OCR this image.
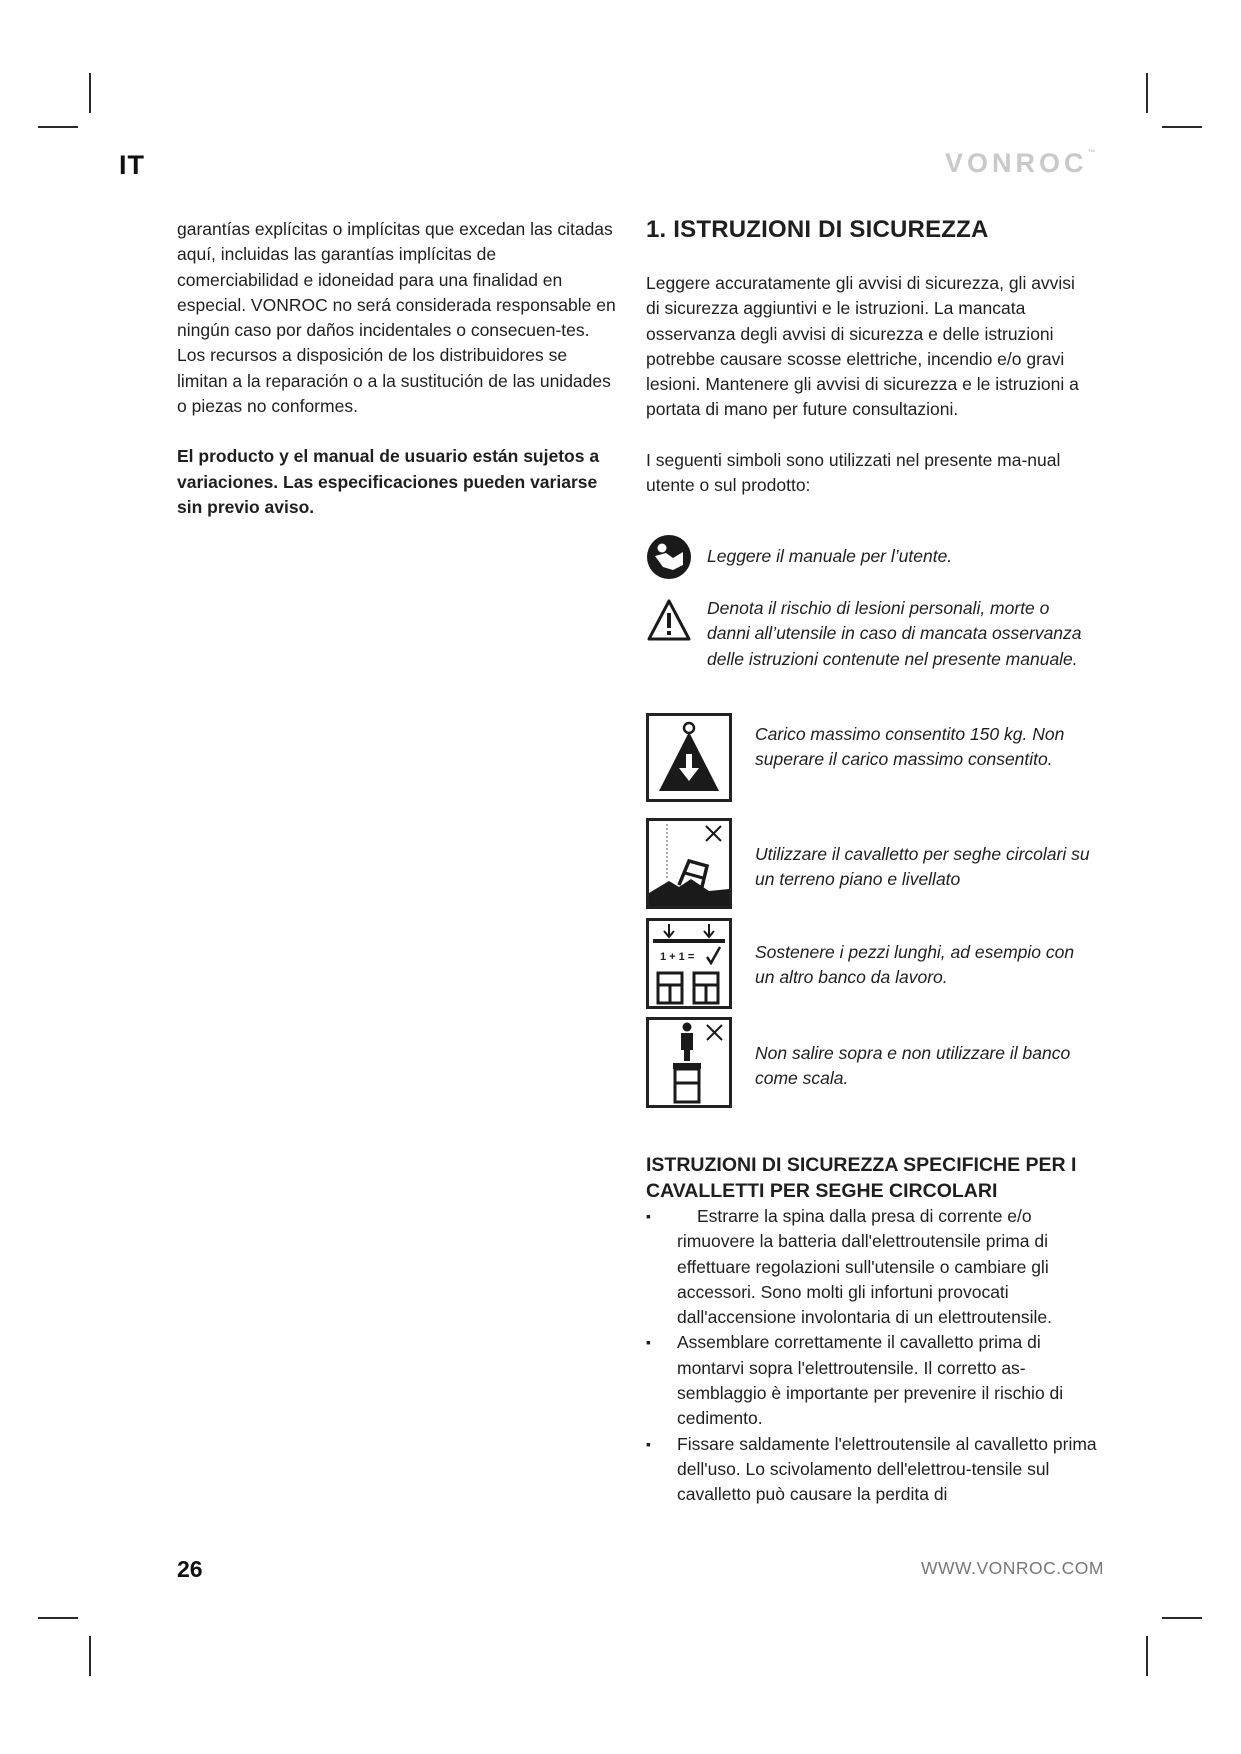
IT	VONROC™

garantías explícitas o implícitas que excedan las citadas aquí, incluidas las garantías implícitas de comerciabilidad e idoneidad para una finalidad en especial. VONROC no será considerada responsable en ningún caso por daños incidentales o consecuen-tes. Los recursos a disposición de los distribuidores se limitan a la reparación o a la sustitución de las unidades o piezas no conformes.

El producto y el manual de usuario están sujetos a variaciones. Las especificaciones pueden variarse sin previo aviso.

1. ISTRUZIONI DI SICUREZZA

Leggere accuratamente gli avvisi di sicurezza, gli avvisi di sicurezza aggiuntivi e le istruzioni. La mancata osservanza degli avvisi di sicurezza e delle istruzioni potrebbe causare scosse elettriche, incendio e/o gravi lesioni. Mantenere gli avvisi di sicurezza e le istruzioni a portata di mano per future consultazioni.

I seguenti simboli sono utilizzati nel presente ma-nual utente o sul prodotto:

Leggere il manuale per l’utente.
Denota il rischio di lesioni personali, morte o danni all’utensile in caso di mancata osservanza delle istruzioni contenute nel presente manuale.
Carico massimo consentito 150 kg. Non superare il carico massimo consentito.
Utilizzare il cavalletto per seghe circolari su un terreno piano e livellato
1 + 1 =	Sostenere i pezzi lunghi, ad esempio con un altro banco da lavoro.
Non salire sopra e non utilizzare il banco come scala.
ISTRUZIONI DI SICUREZZA SPECIFICHE PER I CAVALLETTI PER SEGHE CIRCOLARI
▪	Estrarre la spina dalla presa di corrente e/o rimuovere la batteria dall'elettroutensile prima di effettuare regolazioni sull'utensile o cambiare gli accessori. Sono molti gli infortuni provocati dall'accensione involontaria di un elettroutensile.
▪ Assemblare correttamente il cavalletto prima di montarvi sopra l'elettroutensile. Il corretto as-semblaggio è importante per prevenire il rischio di cedimento.
▪ Fissare saldamente l'elettroutensile al cavalletto prima dell'uso. Lo scivolamento dell'elettrou-tensile sul cavalletto può causare la perdita di
26	WWW.VONROC.COM
